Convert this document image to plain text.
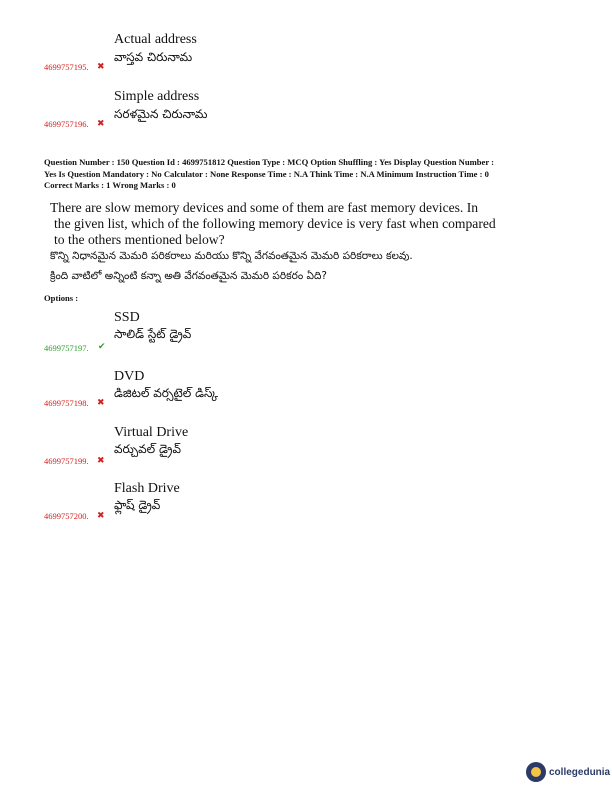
Actual address
వాస్తవ చిరునామ
4699757195. ✖
Simple address
సరళమైన చిరునామ
4699757196. ✖
Question Number : 150 Question Id : 4699751812 Question Type : MCQ Option Shuffling : Yes Display Question Number :
Yes Is Question Mandatory : No Calculator : None Response Time : N.A Think Time : N.A Minimum Instruction Time : 0
Correct Marks : 1 Wrong Marks : 0
There are slow memory devices and some of them are fast memory devices. In
the given list, which of the following memory device is very fast when compared
to the others mentioned below?
కొన్ని నిధానమైన మెమరి పరికరాలు మరియు కొన్ని వేగవంతమైన మెమరి పరికరాలు కలవు.
క్రింది వాటిలో అన్నింటి కన్నా అతి వేగవంతమైన మెమరి పరికరం ఏది?
Options :
SSD
సాలిడ్ స్టేట్ డ్రైవ్
4699757197. ✔
DVD
డిజిటల్ వర్సటైల్ డిస్క్
4699757198. ✖
Virtual Drive
వర్చువల్ డ్రైవ్
4699757199. ✖
Flash Drive
ఫ్లాష్ డ్రైవ్
4699757200. ✖
collegedunia
